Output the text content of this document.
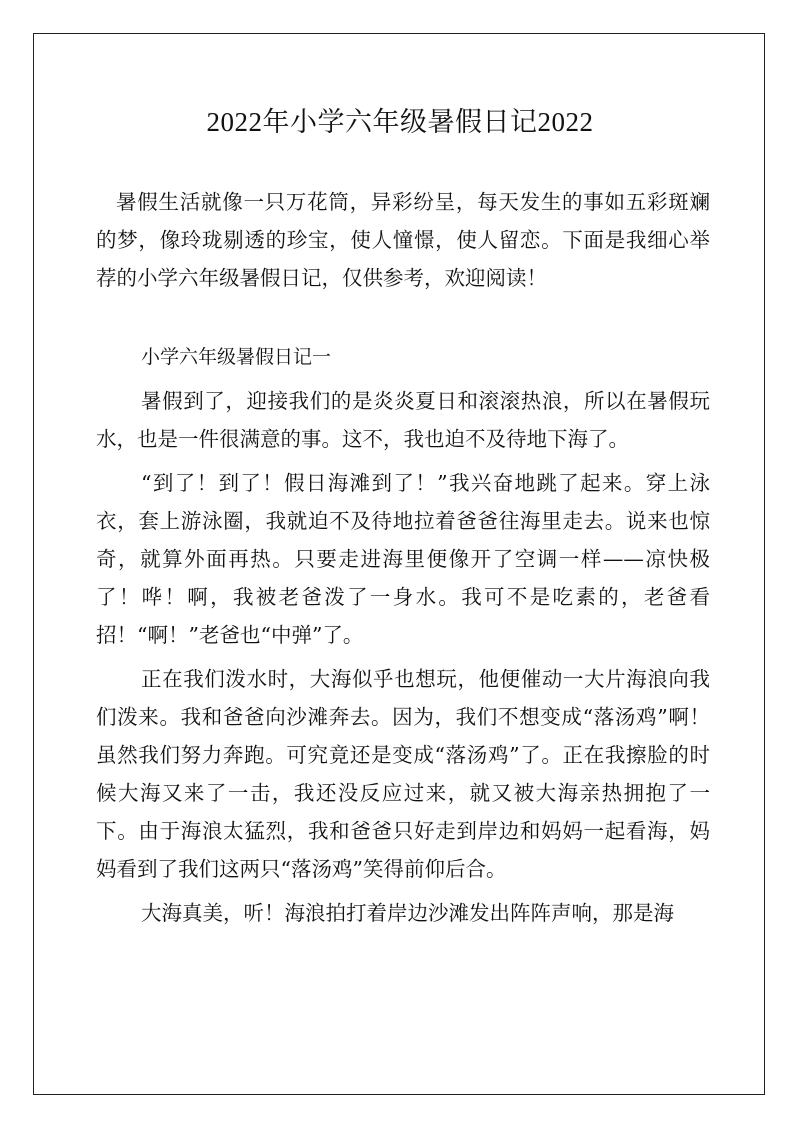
2022年小学六年级暑假日记2022

暑假生活就像一只万花筒，异彩纷呈，每天发生的事如五彩斑斓的梦，像玲珑剔透的珍宝，使人憧憬，使人留恋。下面是我细心举荐的小学六年级暑假日记，仅供参考，欢迎阅读！

小学六年级暑假日记一

暑假到了，迎接我们的是炎炎夏日和滚滚热浪，所以在暑假玩水，也是一件很满意的事。这不，我也迫不及待地下海了。

“到了！到了！假日海滩到了！”我兴奋地跳了起来。穿上泳衣，套上游泳圈，我就迫不及待地拉着爸爸往海里走去。说来也惊奇，就算外面再热。只要走进海里便像开了空调一样——凉快极了！哗！啊，我被老爸泼了一身水。我可不是吃素的，老爸看招！“啊！”老爸也“中弹”了。

正在我们泼水时，大海似乎也想玩，他便催动一大片海浪向我们泼来。我和爸爸向沙滩奔去。因为，我们不想变成“落汤鸡”啊！虽然我们努力奔跑。可究竟还是变成“落汤鸡”了。正在我擦脸的时候大海又来了一击，我还没反应过来，就又被大海亲热拥抱了一下。由于海浪太猛烈，我和爸爸只好走到岸边和妈妈一起看海，妈妈看到了我们这两只“落汤鸡”笑得前仰后合。

大海真美，听！海浪拍打着岸边沙滩发出阵阵声响，那是海
